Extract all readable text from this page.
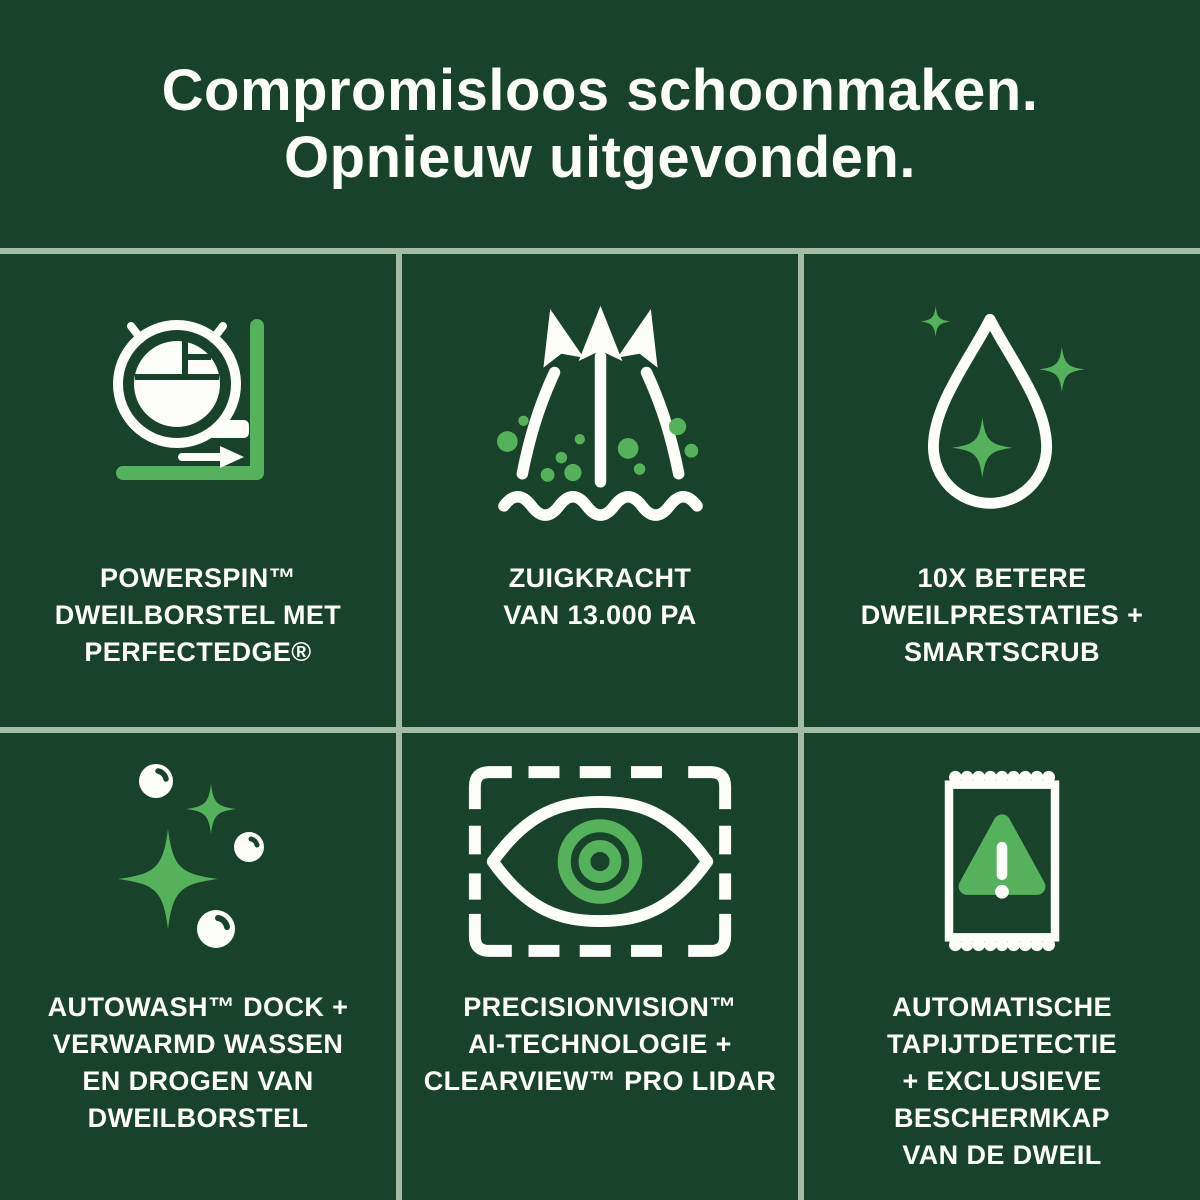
Compromisloos schoonmaken.
Opnieuw uitgevonden.

POWERSPIN™
DWEILBORSTEL MET
PERFECTEDGE®

ZUIGKRACHT
VAN 13.000 PA

10X BETERE
DWEILPRESTATIES +
SMARTSCRUB

AUTOWASH™ DOCK +
VERWARMD WASSEN
EN DROGEN VAN
DWEILBORSTEL

PRECISIONVISION™
AI-TECHNOLOGIE +
CLEARVIEW™ PRO LIDAR

AUTOMATISCHE
TAPIJTDETECTIE
+ EXCLUSIEVE
BESCHERMKAP
VAN DE DWEIL
